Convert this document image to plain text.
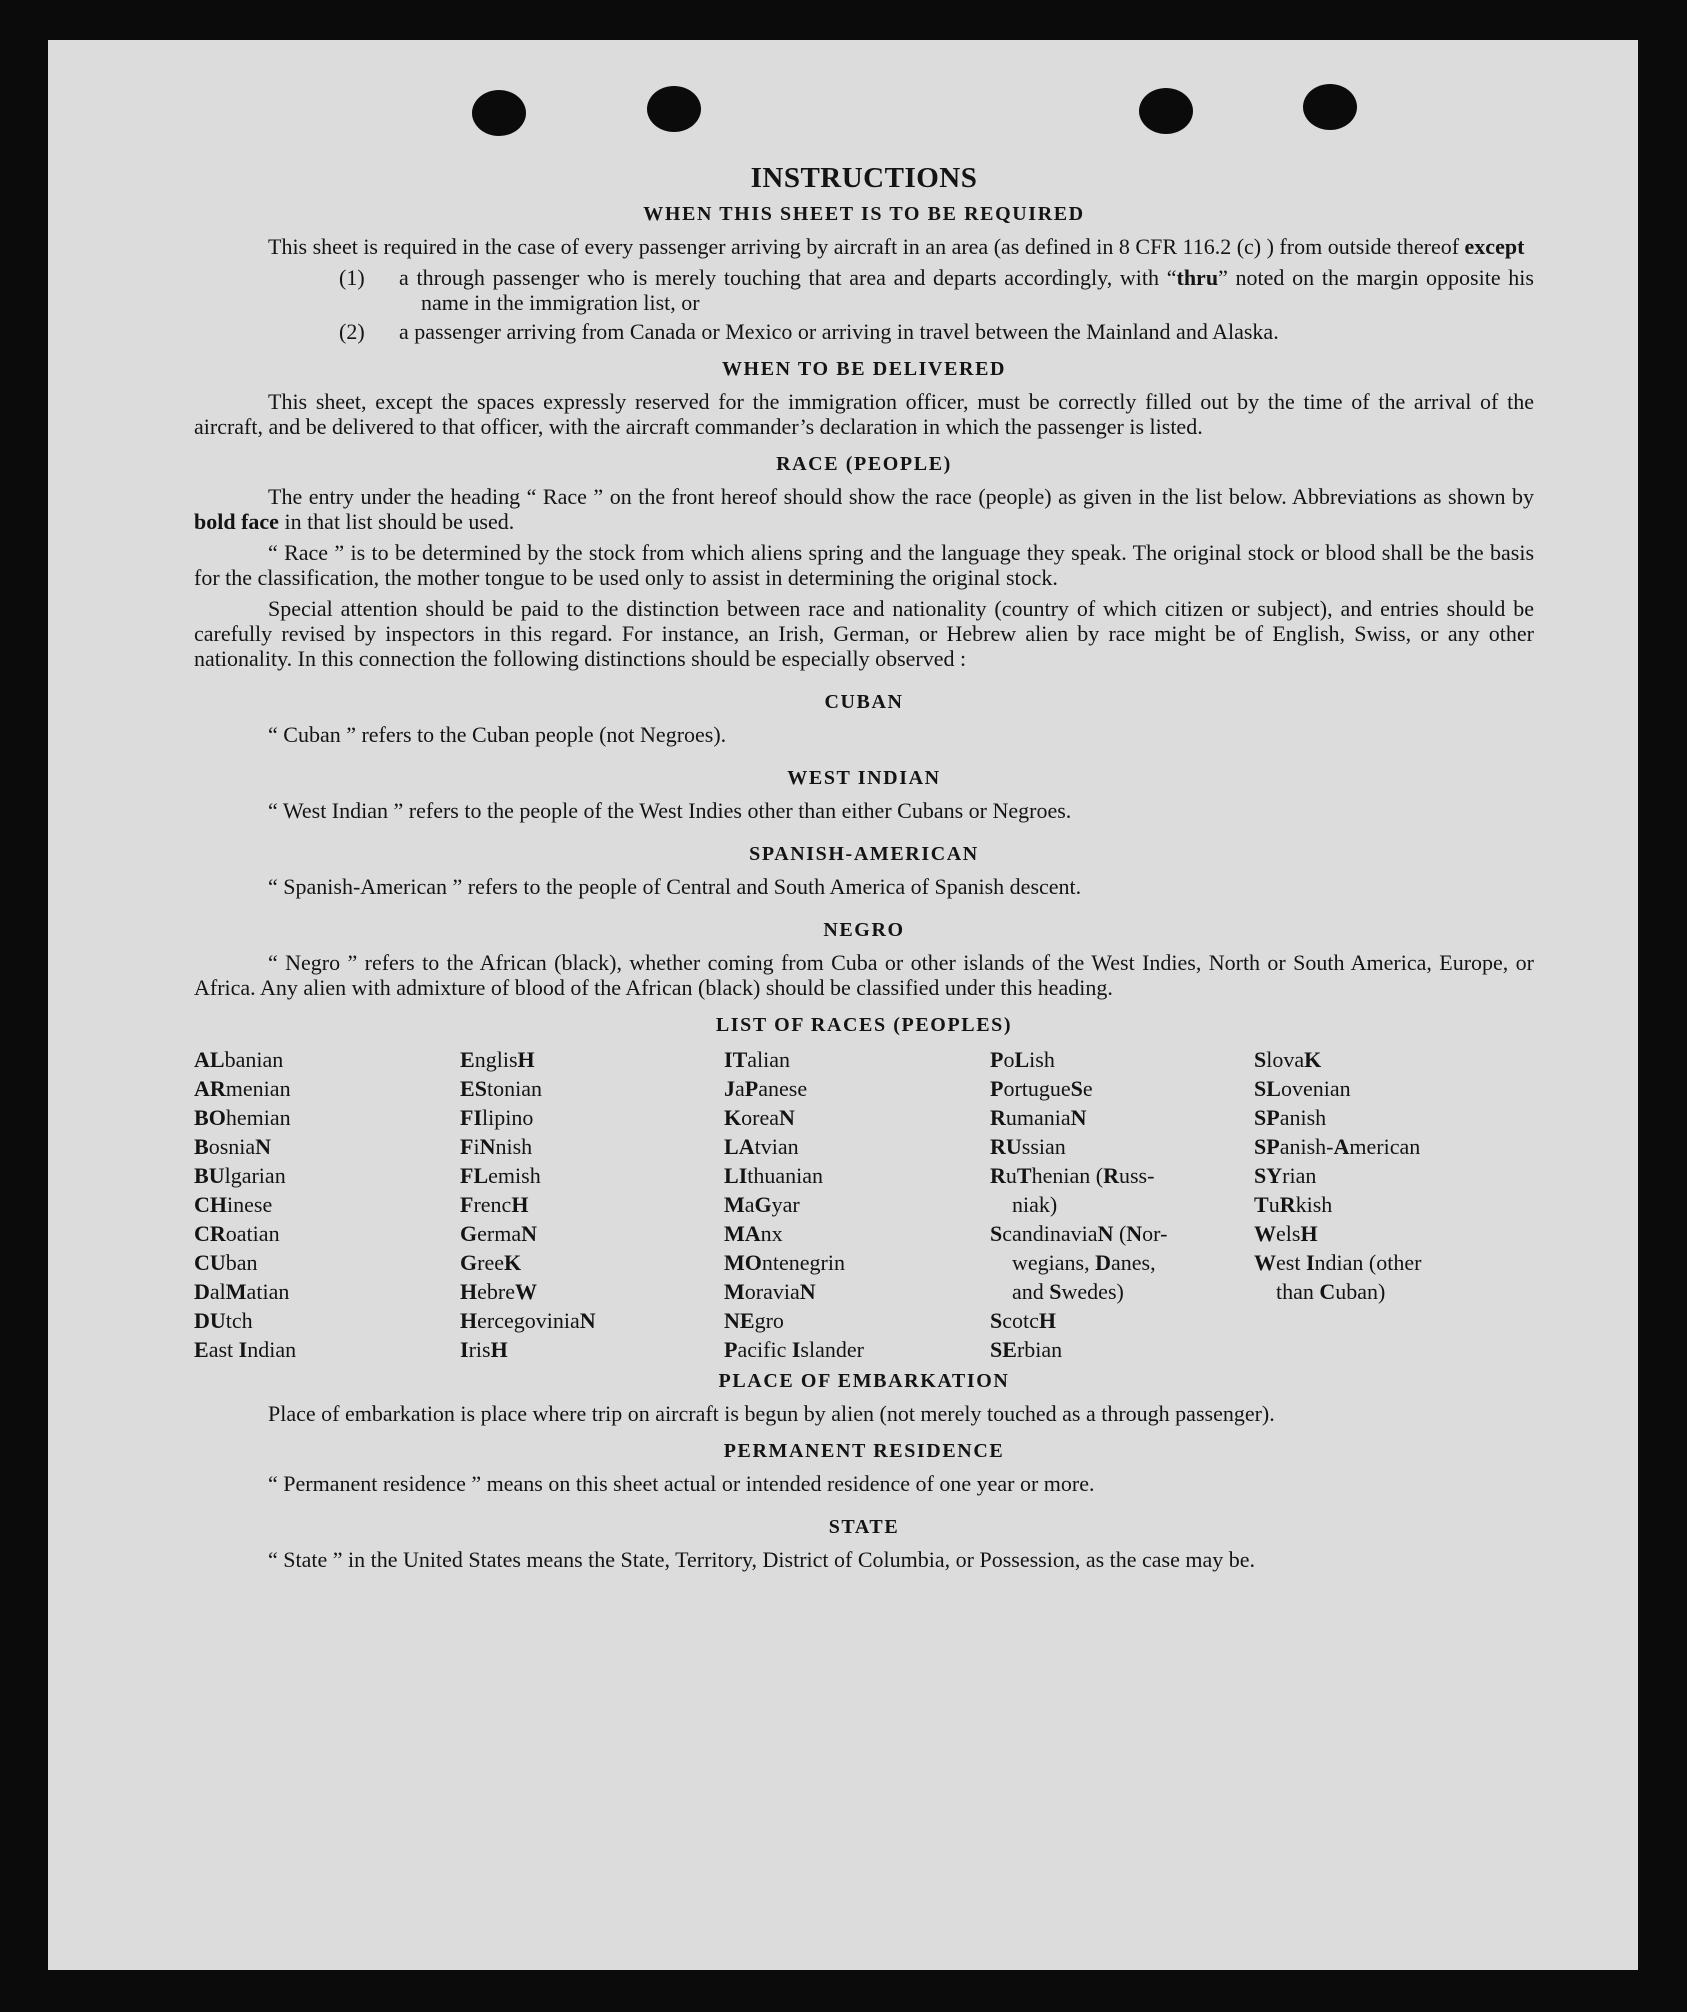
INSTRUCTIONS
WHEN THIS SHEET IS TO BE REQUIRED

This sheet is required in the case of every passenger arriving by aircraft in an area (as defined in 8 CFR 116.2 (c) ) from outside thereof except

(1) a through passenger who is merely touching that area and departs accordingly, with “thru” noted on the margin opposite his name in the immigration list, or
(2) a passenger arriving from Canada or Mexico or arriving in travel between the Mainland and Alaska.
WHEN TO BE DELIVERED

This sheet, except the spaces expressly reserved for the immigration officer, must be correctly filled out by the time of the arrival of the aircraft, and be delivered to that officer, with the aircraft commander’s declaration in which the passenger is listed.

RACE (PEOPLE)

The entry under the heading “ Race ” on the front hereof should show the race (people) as given in the list below. Abbreviations as shown by bold face in that list should be used.

“ Race ” is to be determined by the stock from which aliens spring and the language they speak. The original stock or blood shall be the basis for the classification, the mother tongue to be used only to assist in determining the original stock.

Special attention should be paid to the distinction between race and nationality (country of which citizen or subject), and entries should be carefully revised by inspectors in this regard. For instance, an Irish, German, or Hebrew alien by race might be of English, Swiss, or any other nationality. In this connection the following distinctions should be especially observed :

CUBAN

“ Cuban ” refers to the Cuban people (not Negroes).

WEST INDIAN

“ West Indian ” refers to the people of the West Indies other than either Cubans or Negroes.

SPANISH-AMERICAN

“ Spanish-American ” refers to the people of Central and South America of Spanish descent.

NEGRO

“ Negro ” refers to the African (black), whether coming from Cuba or other islands of the West Indies, North or South America, Europe, or Africa. Any alien with admixture of blood of the African (black) should be classified under this heading.

LIST OF RACES (PEOPLES)
ALbanian
ARmenian
BOhemian
BosniaN
BUlgarian
CHinese
CRoatian
CUban
DalMatian
DUtch
East Indian
EnglisH
EStonian
FIlipino
FiNnish
FLemish
FrencH
GermaN
GreeK
HebreW
HercegoviniaN
IrisH
ITalian
JaPanese
KoreaN
LAtvian
LIthuanian
MaGyar
MAnx
MOntenegrin
MoraviaN
NEgro
Pacific Islander
PoLish
PortugueSe
RumaniaN
RUssian
RuThenian (Russ-
niak)
ScandinaviaN (Nor-
wegians, Danes,
and Swedes)
ScotcH
SErbian
SlovaK
SLovenian
SPanish
SPanish-American
SYrian
TuRkish
WelsH
West Indian (other
than Cuban)
PLACE OF EMBARKATION

Place of embarkation is place where trip on aircraft is begun by alien (not merely touched as a through passenger).

PERMANENT RESIDENCE

“ Permanent residence ” means on this sheet actual or intended residence of one year or more.

STATE

“ State ” in the United States means the State, Territory, District of Columbia, or Possession, as the case may be.
